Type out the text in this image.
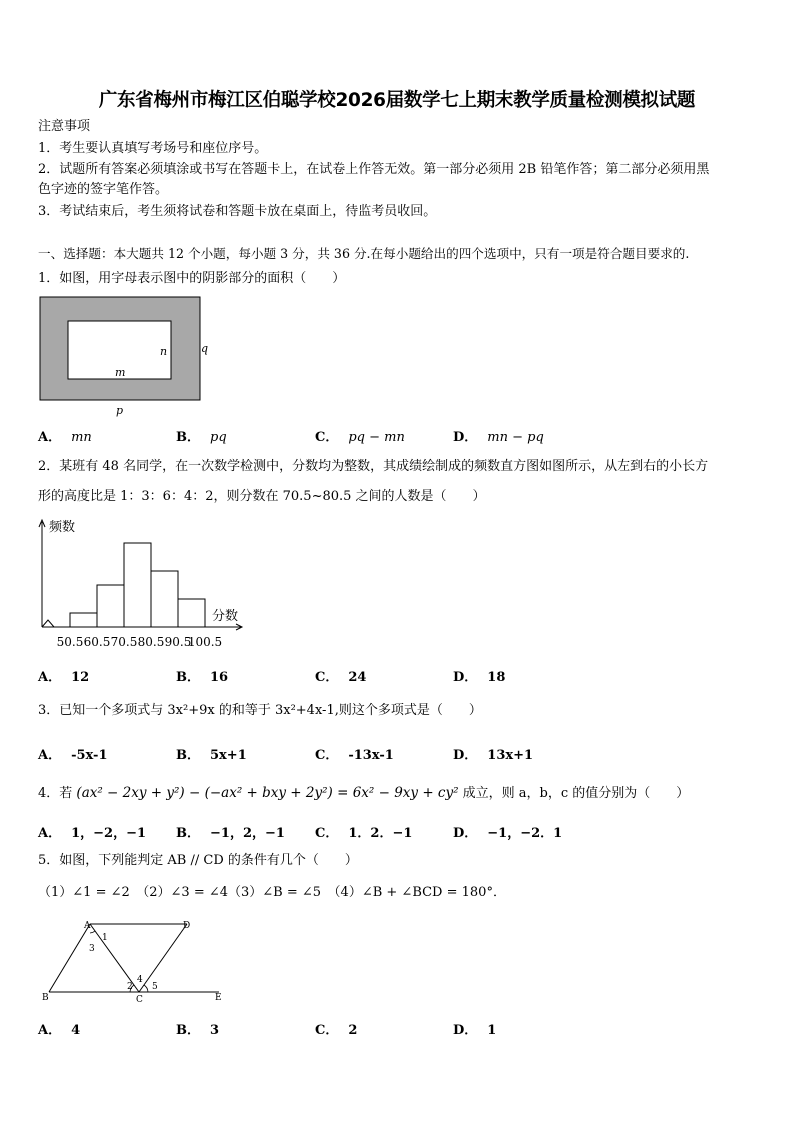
广东省梅州市梅江区伯聪学校2026届数学七上期末教学质量检测模拟试题
注意事项
1．考生要认真填写考场号和座位序号。
2．试题所有答案必须填涂或书写在答题卡上，在试卷上作答无效。第一部分必须用 2B 铅笔作答；第二部分必须用黑
色字迹的签字笔作答。
3．考试结束后，考生须将试卷和答题卡放在桌面上，待监考员收回。
一、选择题：本大题共 12 个小题，每小题 3 分，共 36 分.在每小题给出的四个选项中，只有一项是符合题目要求的.
1．如图，用字母表示图中的阴影部分的面积（　　）
n	q
m
p
A． mn	B． pq	C． pq − mn	D． mn − pq
2．某班有 48 名同学，在一次数学检测中，分数均为整数，其成绩绘制成的频数直方图如图所示，从左到右的小长方
形的高度比是 1：3：6：4：2，则分数在 70.5~80.5 之间的人数是（　　）
频数
分数
50.5 60.5 70.5 80.5 90.5
100.5
A． 12	B． 16	C． 24	D． 18
3．已知一个多项式与 3x²+9x 的和等于 3x²+4x-1,则这个多项式是（　　）
A． -5x-1	B． 5x+1	C． -13x-1	D． 13x+1
4．若 (ax² − 2xy + y²) − (−ax² + bxy + 2y²) = 6x² − 9xy + cy² 成立，则 a，b，c 的值分别为（　　）
A． 1，−2，−1 B． −1，2，−1 C． 1．2．−1	D． −1，−2．1
5．如图，下列能判定 AB // CD 的条件有几个（　　）
（1）∠1 = ∠2　（2）∠3 = ∠4（3）∠B = ∠5　（4）∠B + ∠BCD = 180°．
A	D
B	C	E
1
3
2
4
5
A． 4	B． 3	C． 2	D． 1
